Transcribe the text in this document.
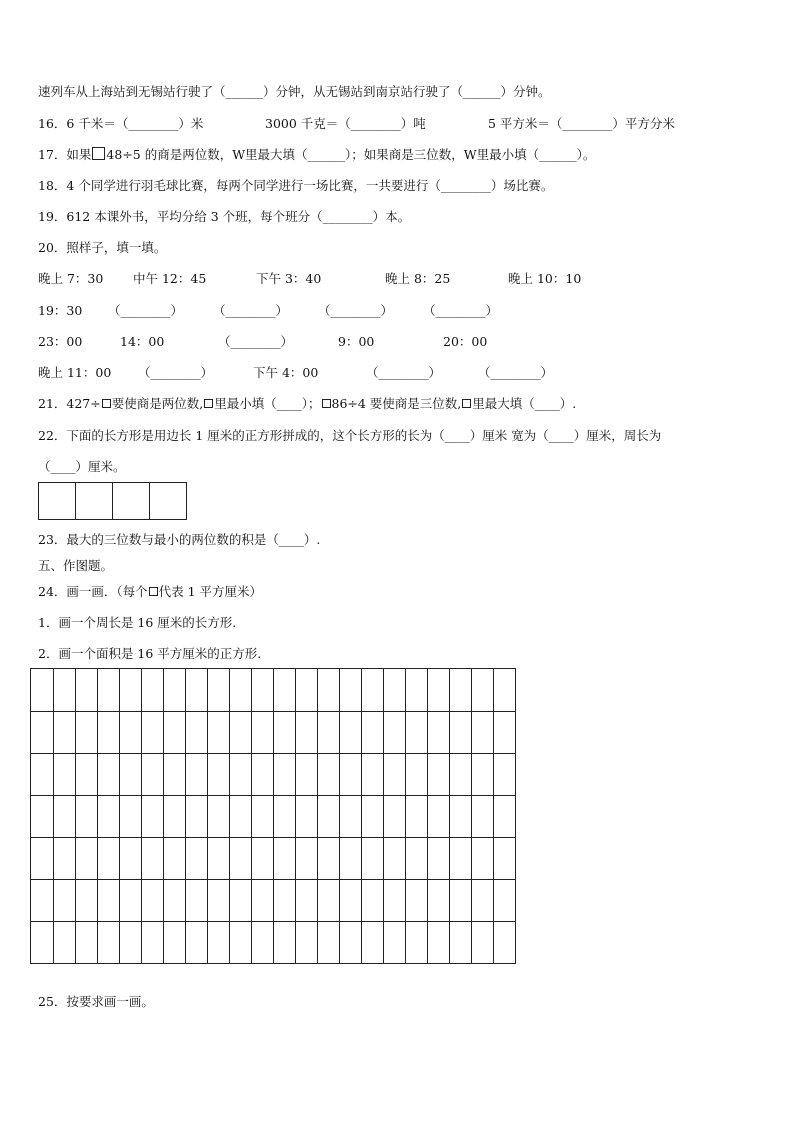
速列车从上海站到无锡站行驶了（______）分钟，从无锡站到南京站行驶了（______）分钟。
16．6 千米＝（________）米	3000 千克＝（________）吨	5 平方米＝（________）平方分米
17．如果 48÷5 的商是两位数，W里最大填（______）；如果商是三位数，W里最小填（______）。
18．4 个同学进行羽毛球比赛，每两个同学进行一场比赛，一共要进行（________）场比赛。
19．612 本课外书，平均分给 3 个班，每个班分（________）本。
20．照样子，填一填。
晚上 7：30 中午 12：45	下午 3：40	晚上 8：25	晚上 10：10
19：30 （________） （________） （________） （________）
23：00	14：00	（________）	9：00	20：00
晚上 11：00 （________）	下午 4：00	（________）	（________）
21．427÷ 要使商是两位数, 里最小填（____）； 86÷4 要使商是三位数, 里最大填（____）.
22．下面的长方形是用边长 1 厘米的正方形拼成的，这个长方形的长为（____）厘米 宽为（____）厘米，周长为
（____）厘米。
23．最大的三位数与最小的两位数的积是（____）.
五、作图题。
24．画一画．（每个 代表 1 平方厘米）
1．画一个周长是 16 厘米的长方形.
2．画一个面积是 16 平方厘米的正方形.
25．按要求画一画。
